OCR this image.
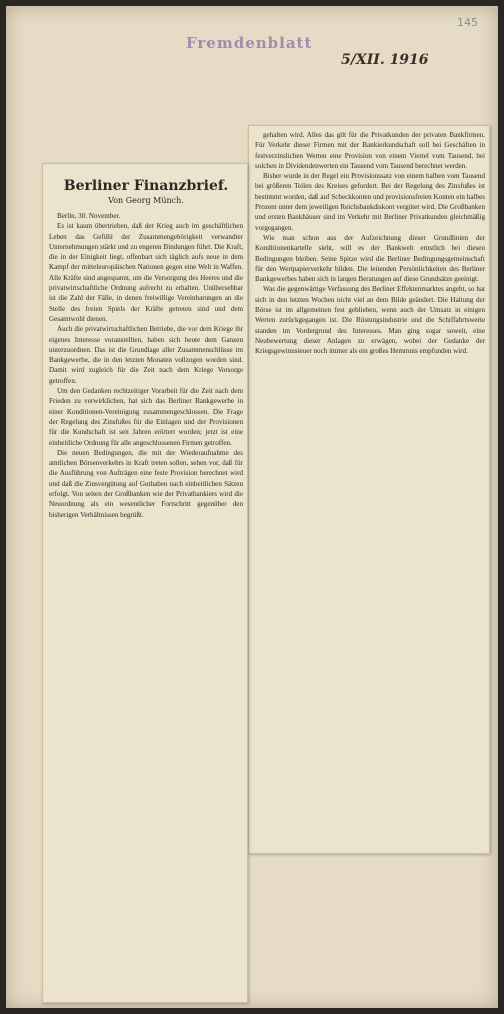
145
Fremdenblatt
5/XII. 1916

gehalten wird. Alles das gilt für die Privatkunden der privaten Bankfirmen. Für Verkehr dieser Firmen mit der Bankierkundschaft soll bei Geschäften in festverzinslichen Werten eine Provision von einem Viertel vom Tausend, bei solchen in Dividendenwerten ein Tausend vom Tausend berechnet werden.

Bisher wurde in der Regel ein Provisionssatz von einem halben vom Tausend bei größeren Teilen des Kreises gefordert. Bei der Regelung des Zinsfußes ist bestimmt worden, daß auf Scheckkonten und provisionsfreien Konten ein halbes Prozent unter dem jeweiligen Reichsbankdiskont vergütet wird. Die Großbanken und ersten Bankhäuser sind im Verkehr mit Berliner Privatkunden gleichmäßig vorgegangen.

Wie man schon aus der Aufzeichnung dieser Grundlinien der Konditionenkartelle sieht, will es der Bankwelt ernstlich bei diesen Bedingungen bleiben. Seine Spitze wird die Berliner Bedingungsgemeinschaft für den Wertpapierverkehr bilden. Die leitenden Persönlichkeiten des Berliner Bankgewerbes haben sich in langen Beratungen auf diese Grundsätze geeinigt.

Was die gegenwärtige Verfassung des Berliner Effektenmarktes angeht, so hat sich in den letzten Wochen nicht viel an dem Bilde geändert. Die Haltung der Börse ist im allgemeinen fest geblieben, wenn auch der Umsatz in einigen Werten zurückgegangen ist. Die Rüstungsindustrie und die Schiffahrtswerte standen im Vordergrund des Interesses. Man ging sogar soweit, eine Neubewertung dieser Anlagen zu erwägen, wobei der Gedanke der Kriegsgewinnsteuer noch immer als ein großes Hemmnis empfunden wird.

Berliner Finanzbrief.
Von Georg Münch.

Berlin, 30. November.

Es ist kaum übertrieben, daß der Krieg auch im geschäftlichen Leben das Gefühl der Zusammengehörigkeit verwandter Unternehmungen stärkt und zu engeren Bindungen führt. Die Kraft, die in der Einigkeit liegt, offenbart sich täglich aufs neue in dem Kampf der mitteleuropäischen Nationen gegen eine Welt in Waffen. Alle Kräfte sind angespannt, um die Versorgung des Heeres und die privatwirtschaftliche Ordnung aufrecht zu erhalten. Unübersehbar ist die Zahl der Fälle, in denen freiwillige Vereinbarungen an die Stelle des freien Spiels der Kräfte getreten sind und dem Gesamtwohl dienen.

Auch die privatwirtschaftlichen Betriebe, die vor dem Kriege ihr eigenes Interesse voranstellten, haben sich heute dem Ganzen unterzuordnen. Das ist die Grundlage aller Zusammenschlüsse im Bankgewerbe, die in den letzten Monaten vollzogen worden sind. Damit wird zugleich für die Zeit nach dem Kriege Vorsorge getroffen.

Um den Gedanken rechtzeitiger Vorarbeit für die Zeit nach dem Frieden zu verwirklichen, hat sich das Berliner Bankgewerbe in einer Konditionen-Vereinigung zusammengeschlossen. Die Frage der Regelung des Zinsfußes für die Einlagen und der Provisionen für die Kundschaft ist seit Jahren erörtert worden; jetzt ist eine einheitliche Ordnung für alle angeschlossenen Firmen getroffen.

Die neuen Bedingungen, die mit der Wiederaufnahme des amtlichen Börsenverkehrs in Kraft treten sollen, sehen vor, daß für die Ausführung von Aufträgen eine feste Provision berechnet wird und daß die Zinsvergütung auf Guthaben nach einheitlichen Sätzen erfolgt. Von seiten der Großbanken wie der Privatbankiers wird die Neuordnung als ein wesentlicher Fortschritt gegenüber den bisherigen Verhältnissen begrüßt.
